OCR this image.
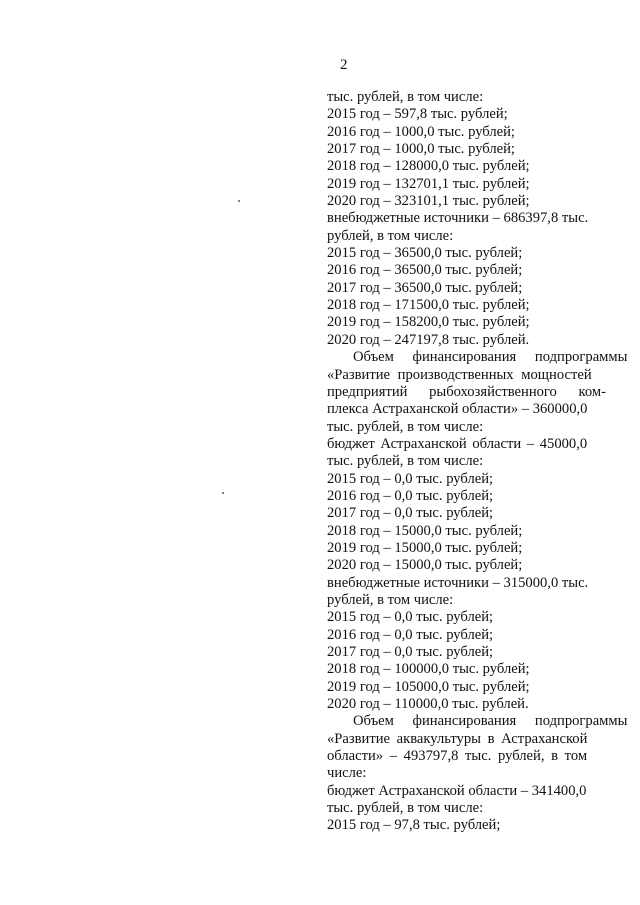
2
тыс. рублей, в том числе:
2015 год – 597,8 тыс. рублей;
2016 год – 1000,0 тыс. рублей;
2017 год – 1000,0 тыс. рублей;
2018 год – 128000,0 тыс. рублей;
2019 год – 132701,1 тыс. рублей;
2020 год – 323101,1 тыс. рублей;
внебюджетные источники – 686397,8 тыс.
рублей, в том числе:
2015 год – 36500,0 тыс. рублей;
2016 год – 36500,0 тыс. рублей;
2017 год – 36500,0 тыс. рублей;
2018 год – 171500,0 тыс. рублей;
2019 год – 158200,0 тыс. рублей;
2020 год – 247197,8 тыс. рублей.
Объем финансирования подпрограммы
«Развитие производственных мощностей
предприятий рыбохозяйственного ком-
плекса Астраханской области» – 360000,0
тыс. рублей, в том числе:
бюджет Астраханской области – 45000,0
тыс. рублей, в том числе:
2015 год – 0,0 тыс. рублей;
2016 год – 0,0 тыс. рублей;
2017 год – 0,0 тыс. рублей;
2018 год – 15000,0 тыс. рублей;
2019 год – 15000,0 тыс. рублей;
2020 год – 15000,0 тыс. рублей;
внебюджетные источники – 315000,0 тыс.
рублей, в том числе:
2015 год – 0,0 тыс. рублей;
2016 год – 0,0 тыс. рублей;
2017 год – 0,0 тыс. рублей;
2018 год – 100000,0 тыс. рублей;
2019 год – 105000,0 тыс. рублей;
2020 год – 110000,0 тыс. рублей.
Объем финансирования подпрограммы
«Развитие аквакультуры в Астраханской
области» – 493797,8 тыс. рублей, в том
числе:
бюджет Астраханской области – 341400,0
тыс. рублей, в том числе:
2015 год – 97,8 тыс. рублей;
